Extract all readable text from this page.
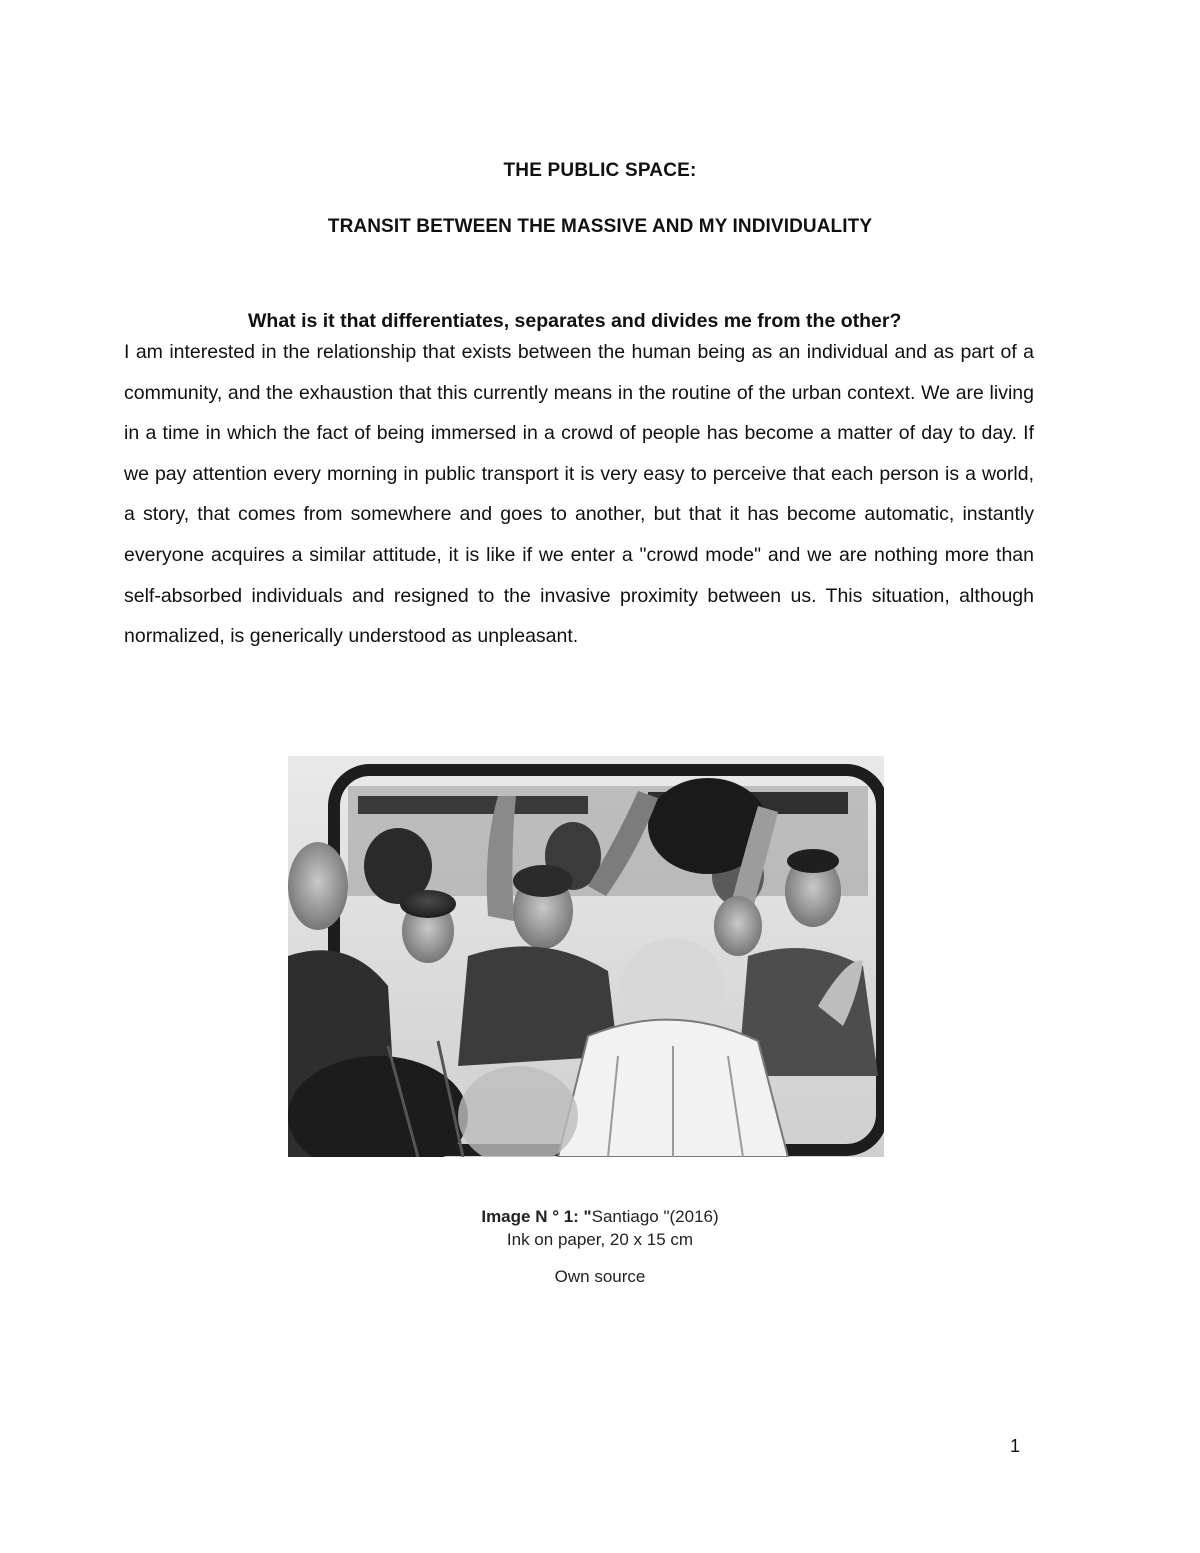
THE PUBLIC SPACE:
TRANSIT BETWEEN THE MASSIVE AND MY INDIVIDUALITY
What is it that differentiates, separates and divides me from the other?
I am interested in the relationship that exists between the human being as an individual and as part of a community, and the exhaustion that this currently means in the routine of the urban context. We are living in a time in which the fact of being immersed in a crowd of people has become a matter of day to day. If we pay attention every morning in public transport it is very easy to perceive that each person is a world, a story, that comes from somewhere and goes to another, but that it has become automatic, instantly everyone acquires a similar attitude, it is like if we enter a "crowd mode" and we are nothing more than self-absorbed individuals and resigned to the invasive proximity between us. This situation, although normalized, is generically understood as unpleasant.
Image N ° 1: "Santiago "(2016)
Ink on paper, 20 x 15 cm
Own source
1
